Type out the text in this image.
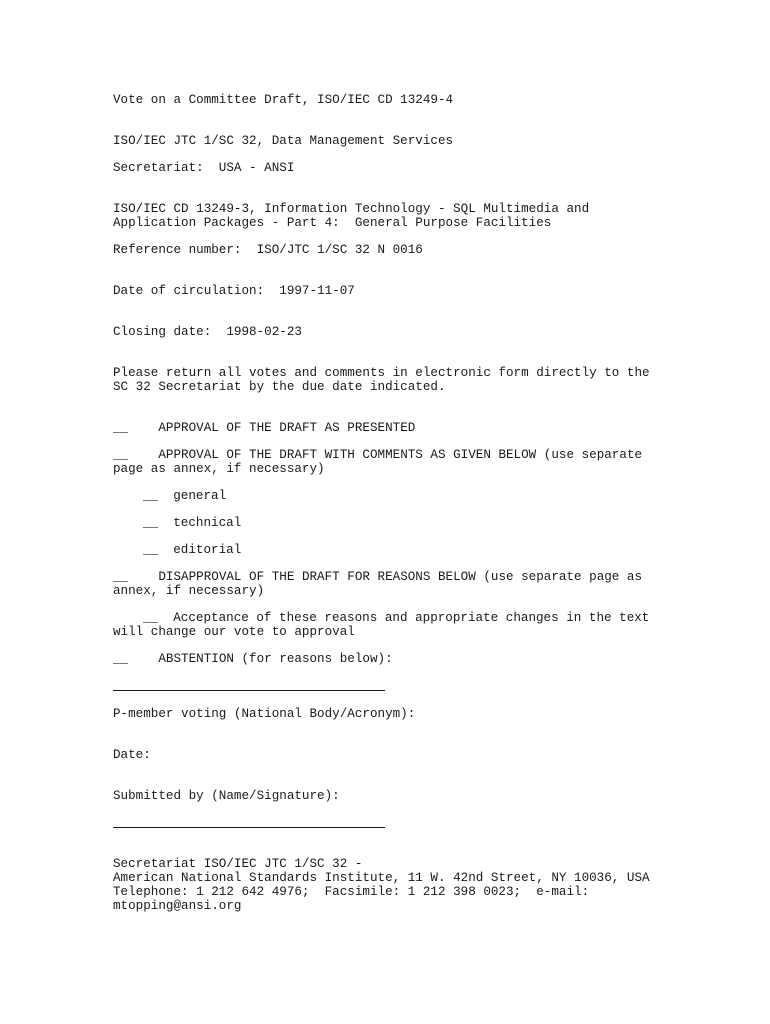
Vote on a Committee Draft, ISO/IEC CD 13249-4

ISO/IEC JTC 1/SC 32, Data Management Services

Secretariat:  USA - ANSI

ISO/IEC CD 13249-3, Information Technology - SQL Multimedia and

Application Packages - Part 4:  General Purpose Facilities

Reference number:  ISO/JTC 1/SC 32 N 0016

Date of circulation:  1997-11-07

Closing date:  1998-02-23

Please return all votes and comments in electronic form directly to the

SC 32 Secretariat by the due date indicated.

__    APPROVAL OF THE DRAFT AS PRESENTED

__    APPROVAL OF THE DRAFT WITH COMMENTS AS GIVEN BELOW (use separate

page as annex, if necessary)

__  general

__  technical

__  editorial

__    DISAPPROVAL OF THE DRAFT FOR REASONS BELOW (use separate page as

annex, if necessary)

__  Acceptance of these reasons and appropriate changes in the text

will change our vote to approval

__    ABSTENTION (for reasons below):

P-member voting (National Body/Acronym):

Date:

Submitted by (Name/Signature):

Secretariat ISO/IEC JTC 1/SC 32 -

American National Standards Institute, 11 W. 42nd Street, NY 10036, USA

Telephone: 1 212 642 4976;  Facsimile: 1 212 398 0023;  e-mail:

mtopping@ansi.org
